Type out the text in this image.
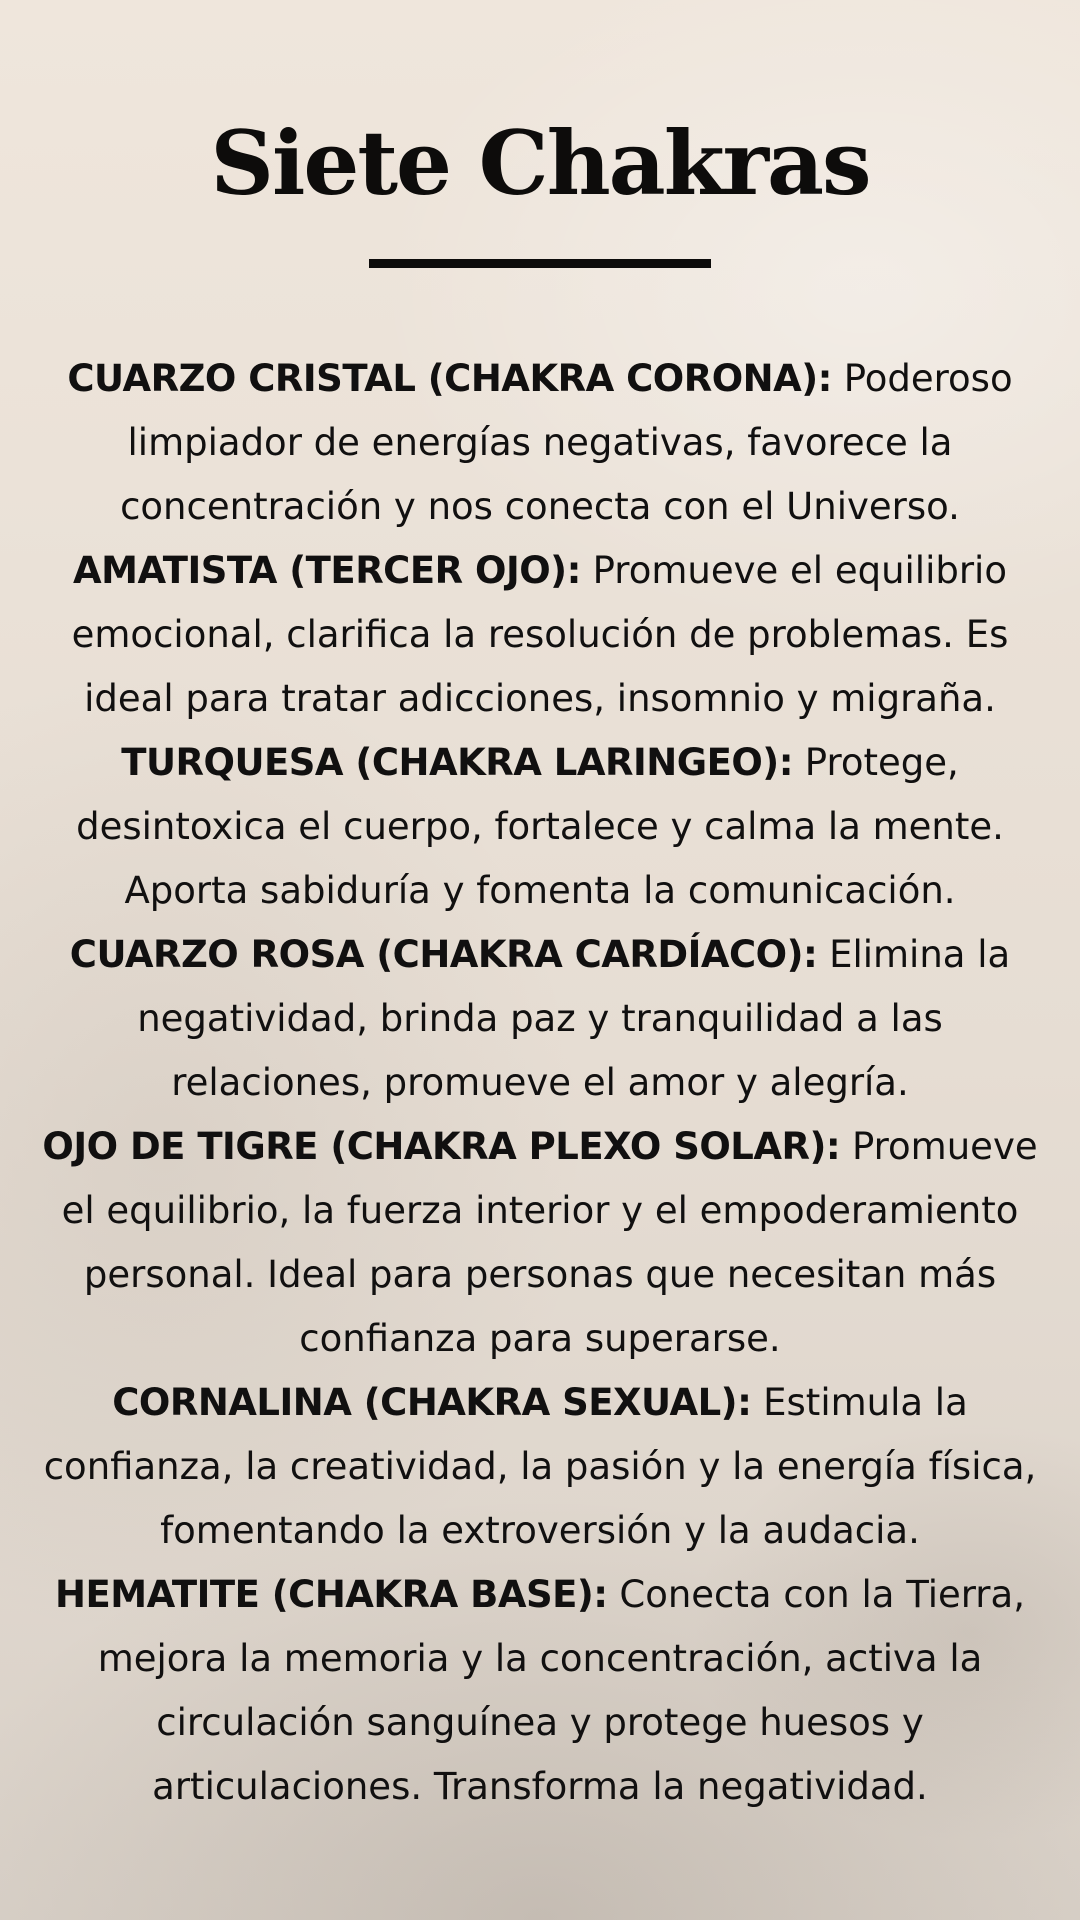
Siete Chakras

CUARZO CRISTAL (CHAKRA CORONA): Poderoso limpiador de energías negativas, favorece la concentración y nos conecta con el Universo.

AMATISTA (TERCER OJO): Promueve el equilibrio emocional, clarifica la resolución de problemas. Es ideal para tratar adicciones, insomnio y migraña.

TURQUESA (CHAKRA LARINGEO): Protege, desintoxica el cuerpo, fortalece y calma la mente. Aporta sabiduría y fomenta la comunicación.

CUARZO ROSA (CHAKRA CARDÍACO): Elimina la negatividad, brinda paz y tranquilidad a las relaciones, promueve el amor y alegría.

OJO DE TIGRE (CHAKRA PLEXO SOLAR): Promueve el equilibrio, la fuerza interior y el empoderamiento personal. Ideal para personas que necesitan más confianza para superarse.

CORNALINA (CHAKRA SEXUAL): Estimula la confianza, la creatividad, la pasión y la energía física, fomentando la extroversión y la audacia.

HEMATITE (CHAKRA BASE): Conecta con la Tierra, mejora la memoria y la concentración, activa la circulación sanguínea y protege huesos y articulaciones. Transforma la negatividad.
